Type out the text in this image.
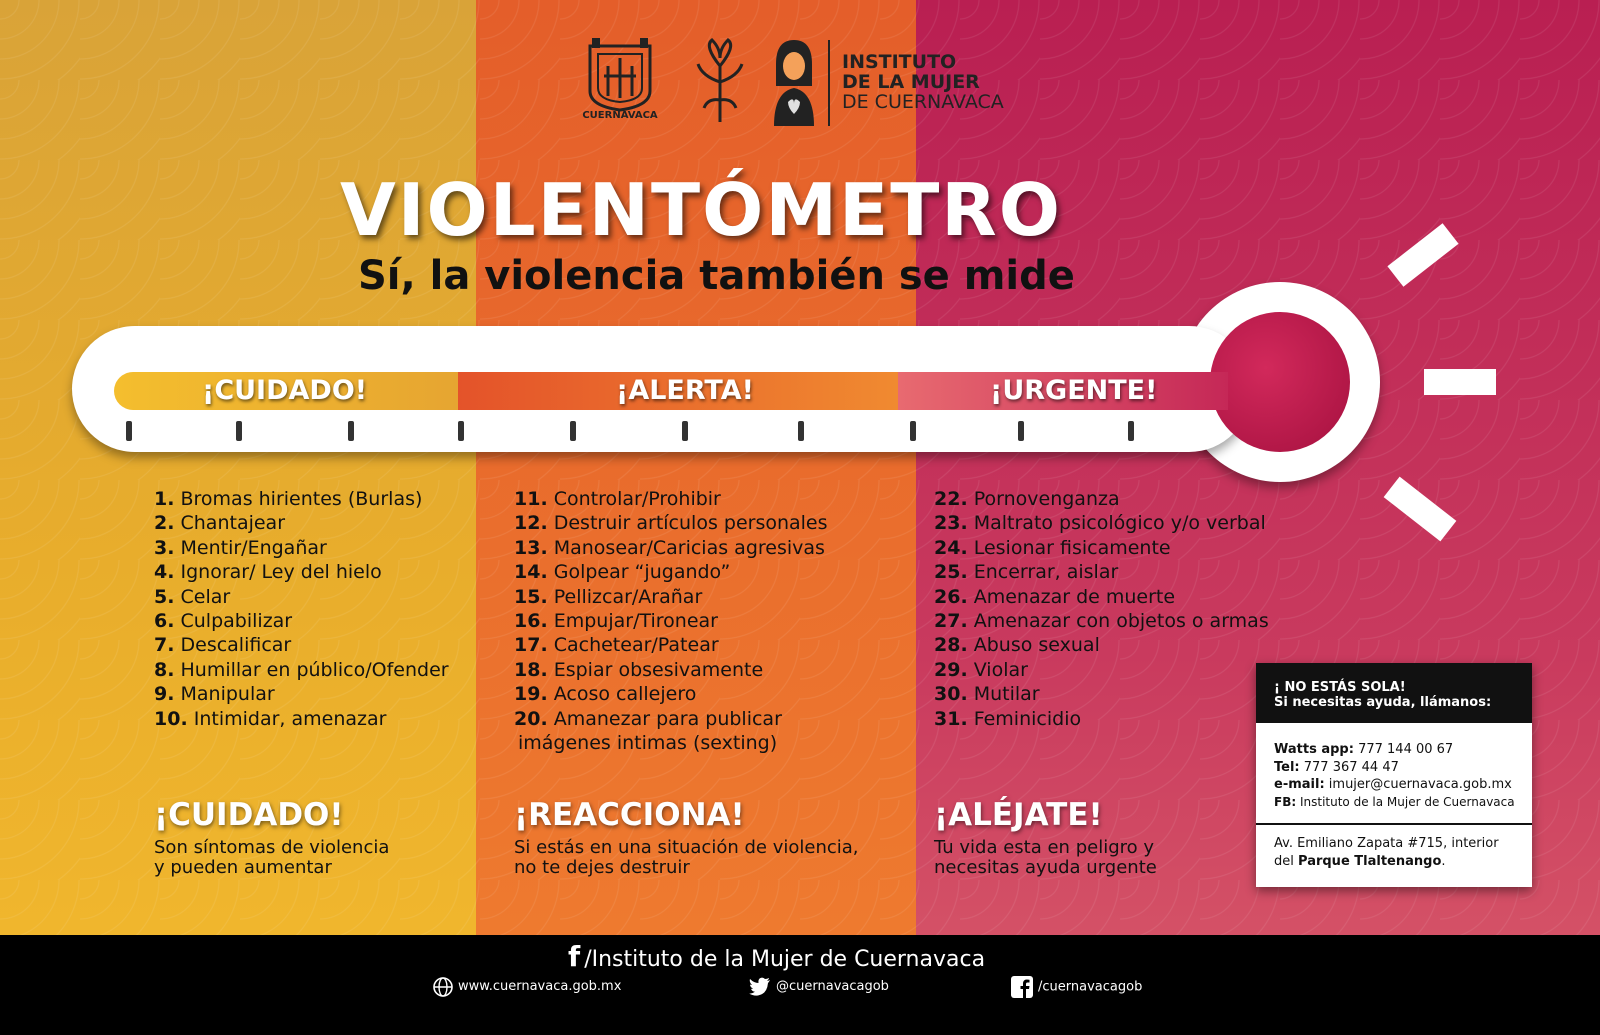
CUERNAVACA
INSTITUTO
DE LA MUJER
DE CUERNAVACA
VIOLENTÓMETRO
Sí, la violencia también se mide
¡CUIDADO!	¡ALERTA!	¡URGENTE!
1. Bromas hirientes (Burlas)
2. Chantajear
3. Mentir/Engañar
4. Ignorar/ Ley del hielo
5. Celar
6. Culpabilizar
7. Descalificar
8. Humillar en público/Ofender
9. Manipular
10. Intimidar, amenazar
11. Controlar/Prohibir
12. Destruir artículos personales
13. Manosear/Caricias agresivas
14. Golpear “jugando”
15. Pellizcar/Arañar
16. Empujar/Tironear
17. Cachetear/Patear
18. Espiar obsesivamente
19. Acoso callejero
20. Amanezar para publicar
imágenes intimas (sexting)
22. Pornovenganza
23. Maltrato psicológico y/o verbal
24. Lesionar fisicamente
25. Encerrar, aislar
26. Amenazar de muerte
27. Amenazar con objetos o armas
28. Abuso sexual
29. Violar
30. Mutilar
31. Feminicidio
¡CUIDADO!
Son síntomas de violencia
y pueden aumentar
¡REACCIONA!
Si estás en una situación de violencia,
no te dejes destruir
¡ALÉJATE!
Tu vida esta en peligro y
necesitas ayuda urgente
¡ NO ESTÁS SOLA!
Si necesitas ayuda, llámanos:
Watts app: 777 144 00 67
Tel: 777 367 44 47
e-mail: imujer@cuernavaca.gob.mx
FB: Instituto de la Mujer de Cuernavaca
Av. Emiliano Zapata #715, interior
del Parque Tlaltenango.
f /Instituto de la Mujer de Cuernavaca
www.cuernavaca.gob.mx	@cuernavacagob	/cuernavacagob
